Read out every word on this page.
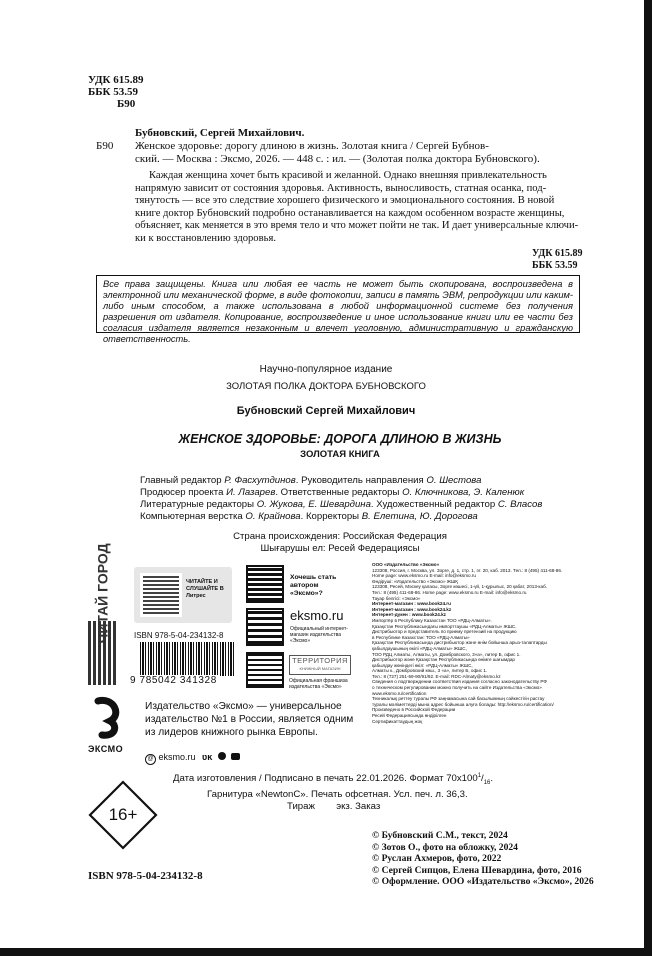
УДК 615.89
ББК 53.59
Б90
Б90
Бубновский, Сергей Михайлович.
Женское здоровье: дорогу длиною в жизнь. Золотая книга / Сергей Бубнов-
ский. — Москва : Эксмо, 2026. — 448 с. : ил. — (Золотая полка доктора Бубновского).
Каждая женщина хочет быть красивой и желанной. Однако внешняя привлекательность
напрямую зависит от состояния здоровья. Активность, выносливость, статная осанка, под-
тянутость — все это следствие хорошего физического и эмоционального состояния. В новой
книге доктор Бубновский подробно останавливается на каждом особенном возрасте женщины,
объясняет, как меняется в это время тело и что может пойти не так. И дает универсальные ключи-
ки к восстановлению здоровья.
УДК 615.89
ББК 53.59
Все права защищены. Книга или любая ее часть не может быть скопирована, воспроизведена в электронной или механической форме, в виде фотокопии, записи в память ЭВМ, репродукции или каким-либо иным способом, а также использована в любой информационной системе без получения разрешения от издателя. Копирование, воспроизведение и иное использование книги или ее части без согласия издателя является незаконным и влечет уголовную, административную и гражданскую ответственность.
Научно-популярное издание
ЗОЛОТАЯ ПОЛКА ДОКТОРА БУБНОВСКОГО
Бубновский Сергей Михайлович
ЖЕНСКОЕ ЗДОРОВЬЕ: ДОРОГА ДЛИНОЮ В ЖИЗНЬ
ЗОЛОТАЯ КНИГА
Главный редактор Р. Фасхутдинов. Руководитель направления О. Шестова
Продюсер проекта И. Лазарев. Ответственные редакторы О. Ключникова, Э. Каленюк
Литературные редакторы О. Жукова, Е. Шевардина. Художественный редактор С. Власов
Компьютерная верстка О. Крайнова. Корректоры В. Елетина, Ю. Дорогова
Страна происхождения: Российская Федерация
Шығарушы ел: Ресей Федерациясы
ЧИТАЙ ГОРОД	ЧИТАЙТЕ И СЛУШАЙТЕ В Литрес
Хочешь стать автором «Эксмо»?
eksmo.ru
Официальный интернет-магазин издательства «Эксмо»
ТЕРРИТОРИЯ
КНИЖНЫЙ МАГАЗИН
Официальная франшиза издательства «Эксмо»
ISBN 978-5-04-234132-8
9 785042 341328
ЭКСМО
Издательство «Эксмо» — универсальное издательство №1 в России, является одним из лидеров книжного рынка Европы.
@ eksmo.ru ʋĸ
16+
ООО «Издательство «Эксмо»
123308, Россия, г. Москва, ул. Зорге, д. 1, стр. 1, эт. 20, каб. 2013. Тел.: 8 (495) 411-68-86.
Home page: www.eksmo.ru E-mail: info@eksmo.ru
Өндіруші: «Издательство «Эксмо» ЖШҚ
123308, Ресей, Мәскеу қаласы, Зорге көшесі, 1-үй, 1-құрылыс, 20 қабат, 2013-каб.
Тел.: 8 (495) 411-68-86. Home page: www.eksmo.ru E-mail: info@eksmo.ru
Тауар белгісі: «Эксмо»
Интернет-магазин : www.book24.ru
Интернет-магазин : www.book24.kz
Интернет-дүкен : www.book24.kz
Импортёр в Республику Казахстан ТОО «РДЦ-Алматы».
Қазақстан Республикасындағы импорттаушы «РДЦ-Алматы» ЖШС.
Дистрибьютор и представитель по приему претензий на продукцию
в Республике Казахстан: ТОО «РДЦ-Алматы»
Қазақстан Республикасында дистрибьютор және өнім бойынша арыз-талаптарды
қабылдаушының өкілі «РДЦ-Алматы» ЖШС,
ТОО РДЦ Алматы, Алматы, ул. Домбровского, 3«а», литер Б, офис 1.
Дистрибьютор және Қазақстан Республикасында өнімге шағымдар
қабылдау жөніндегі өкіл: «РДЦ-Алматы» ЖШС,
Алматы к., Домбровский көш., 3 «а», литер Б, офис 1.
Тел.: 8 (727) 251-59-90/91/92. E-mail: RDC-Almaty@eksmo.kz
Сведения о подтверждении соответствия издания согласно законодательству РФ
о техническом регулировании можно получить на сайте Издательства «Эксмо»
www.eksmo.ru/certification
Техникалық реттеу туралы РФ заңнамасына сай басылымның сәйкестігін растау
туралы мәліметтерді мына адрес бойынша алуға болады: http://eksmo.ru/certification/
Произведено в Российской Федерации
Ресей Федерациясында өндірілген
Сертификаттаудың жоқ
Дата изготовления / Подписано в печать 22.01.2026. Формат $70x100^1/_{16}$.
Гарнитура «NewtonC». Печать офсетная. Усл. печ. л. 36,3.
Тираж        экз. Заказ
© Бубновский С.М., текст, 2024
© Зотов О., фото на обложку, 2024
© Руслан Ахмеров, фото, 2022
© Сергей Сипцов, Елена Шевардина, фото, 2016
© Оформление. ООО «Издательство «Эксмо», 2026
ISBN 978-5-04-234132-8
